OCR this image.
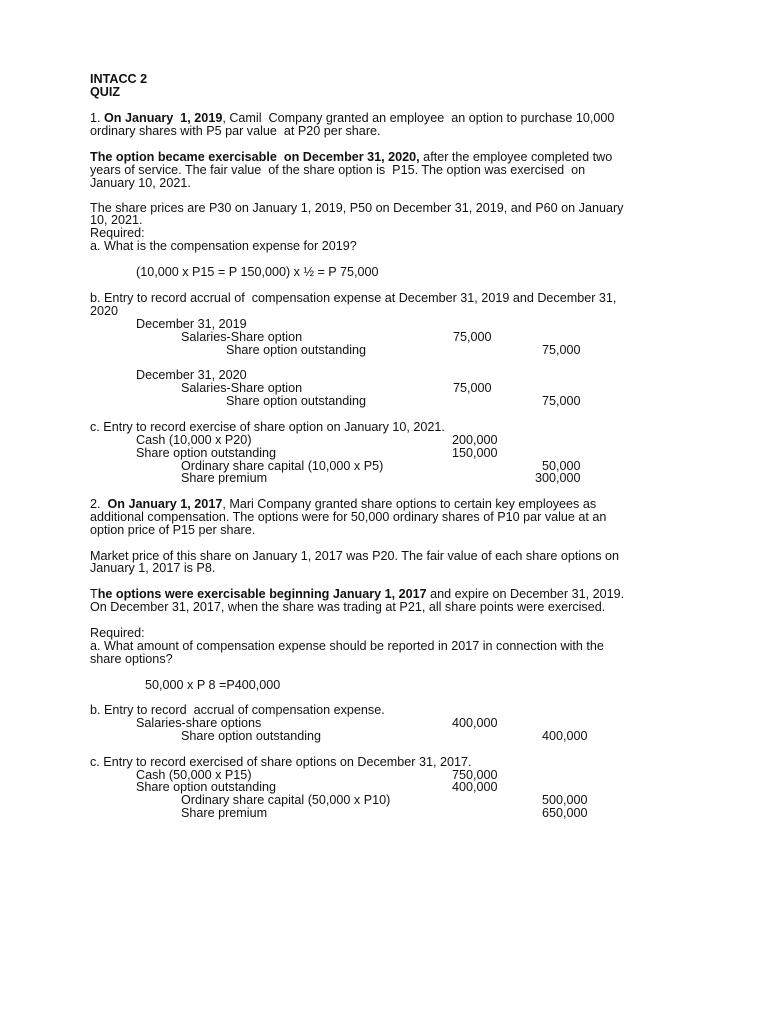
INTACC 2
QUIZ
1. On January  1, 2019, Camil  Company granted an employee  an option to purchase 10,000
ordinary shares with P5 par value  at P20 per share.
The option became exercisable  on December 31, 2020, after the employee completed two
years of service. The fair value  of the share option is  P15. The option was exercised  on
January 10, 2021.
The share prices are P30 on January 1, 2019, P50 on December 31, 2019, and P60 on January
10, 2021.
Required:
a. What is the compensation expense for 2019?
(10,000 x P15 = P 150,000) x ½ = P 75,000
b. Entry to record accrual of  compensation expense at December 31, 2019 and December 31,
2020
December 31, 2019
Salaries-Share option	75,000
Share option outstanding	75,000
December 31, 2020
Salaries-Share option	75,000
Share option outstanding	75,000
c. Entry to record exercise of share option on January 10, 2021.
Cash (10,000 x P20)	200,000
Share option outstanding	150,000
Ordinary share capital (10,000 x P5)	50,000
Share premium	300,000
2.  On January 1, 2017, Mari Company granted share options to certain key employees as
additional compensation. The options were for 50,000 ordinary shares of P10 par value at an
option price of P15 per share.
Market price of this share on January 1, 2017 was P20. The fair value of each share options on
January 1, 2017 is P8.
The options were exercisable beginning January 1, 2017 and expire on December 31, 2019.
On December 31, 2017, when the share was trading at P21, all share points were exercised.
Required:
a. What amount of compensation expense should be reported in 2017 in connection with the
share options?
50,000 x P 8 =P400,000
b. Entry to record  accrual of compensation expense.
Salaries-share options	400,000
Share option outstanding	400,000
c. Entry to record exercised of share options on December 31, 2017.
Cash (50,000 x P15)	750,000
Share option outstanding	400,000
Ordinary share capital (50,000 x P10)	500,000
Share premium	650,000
